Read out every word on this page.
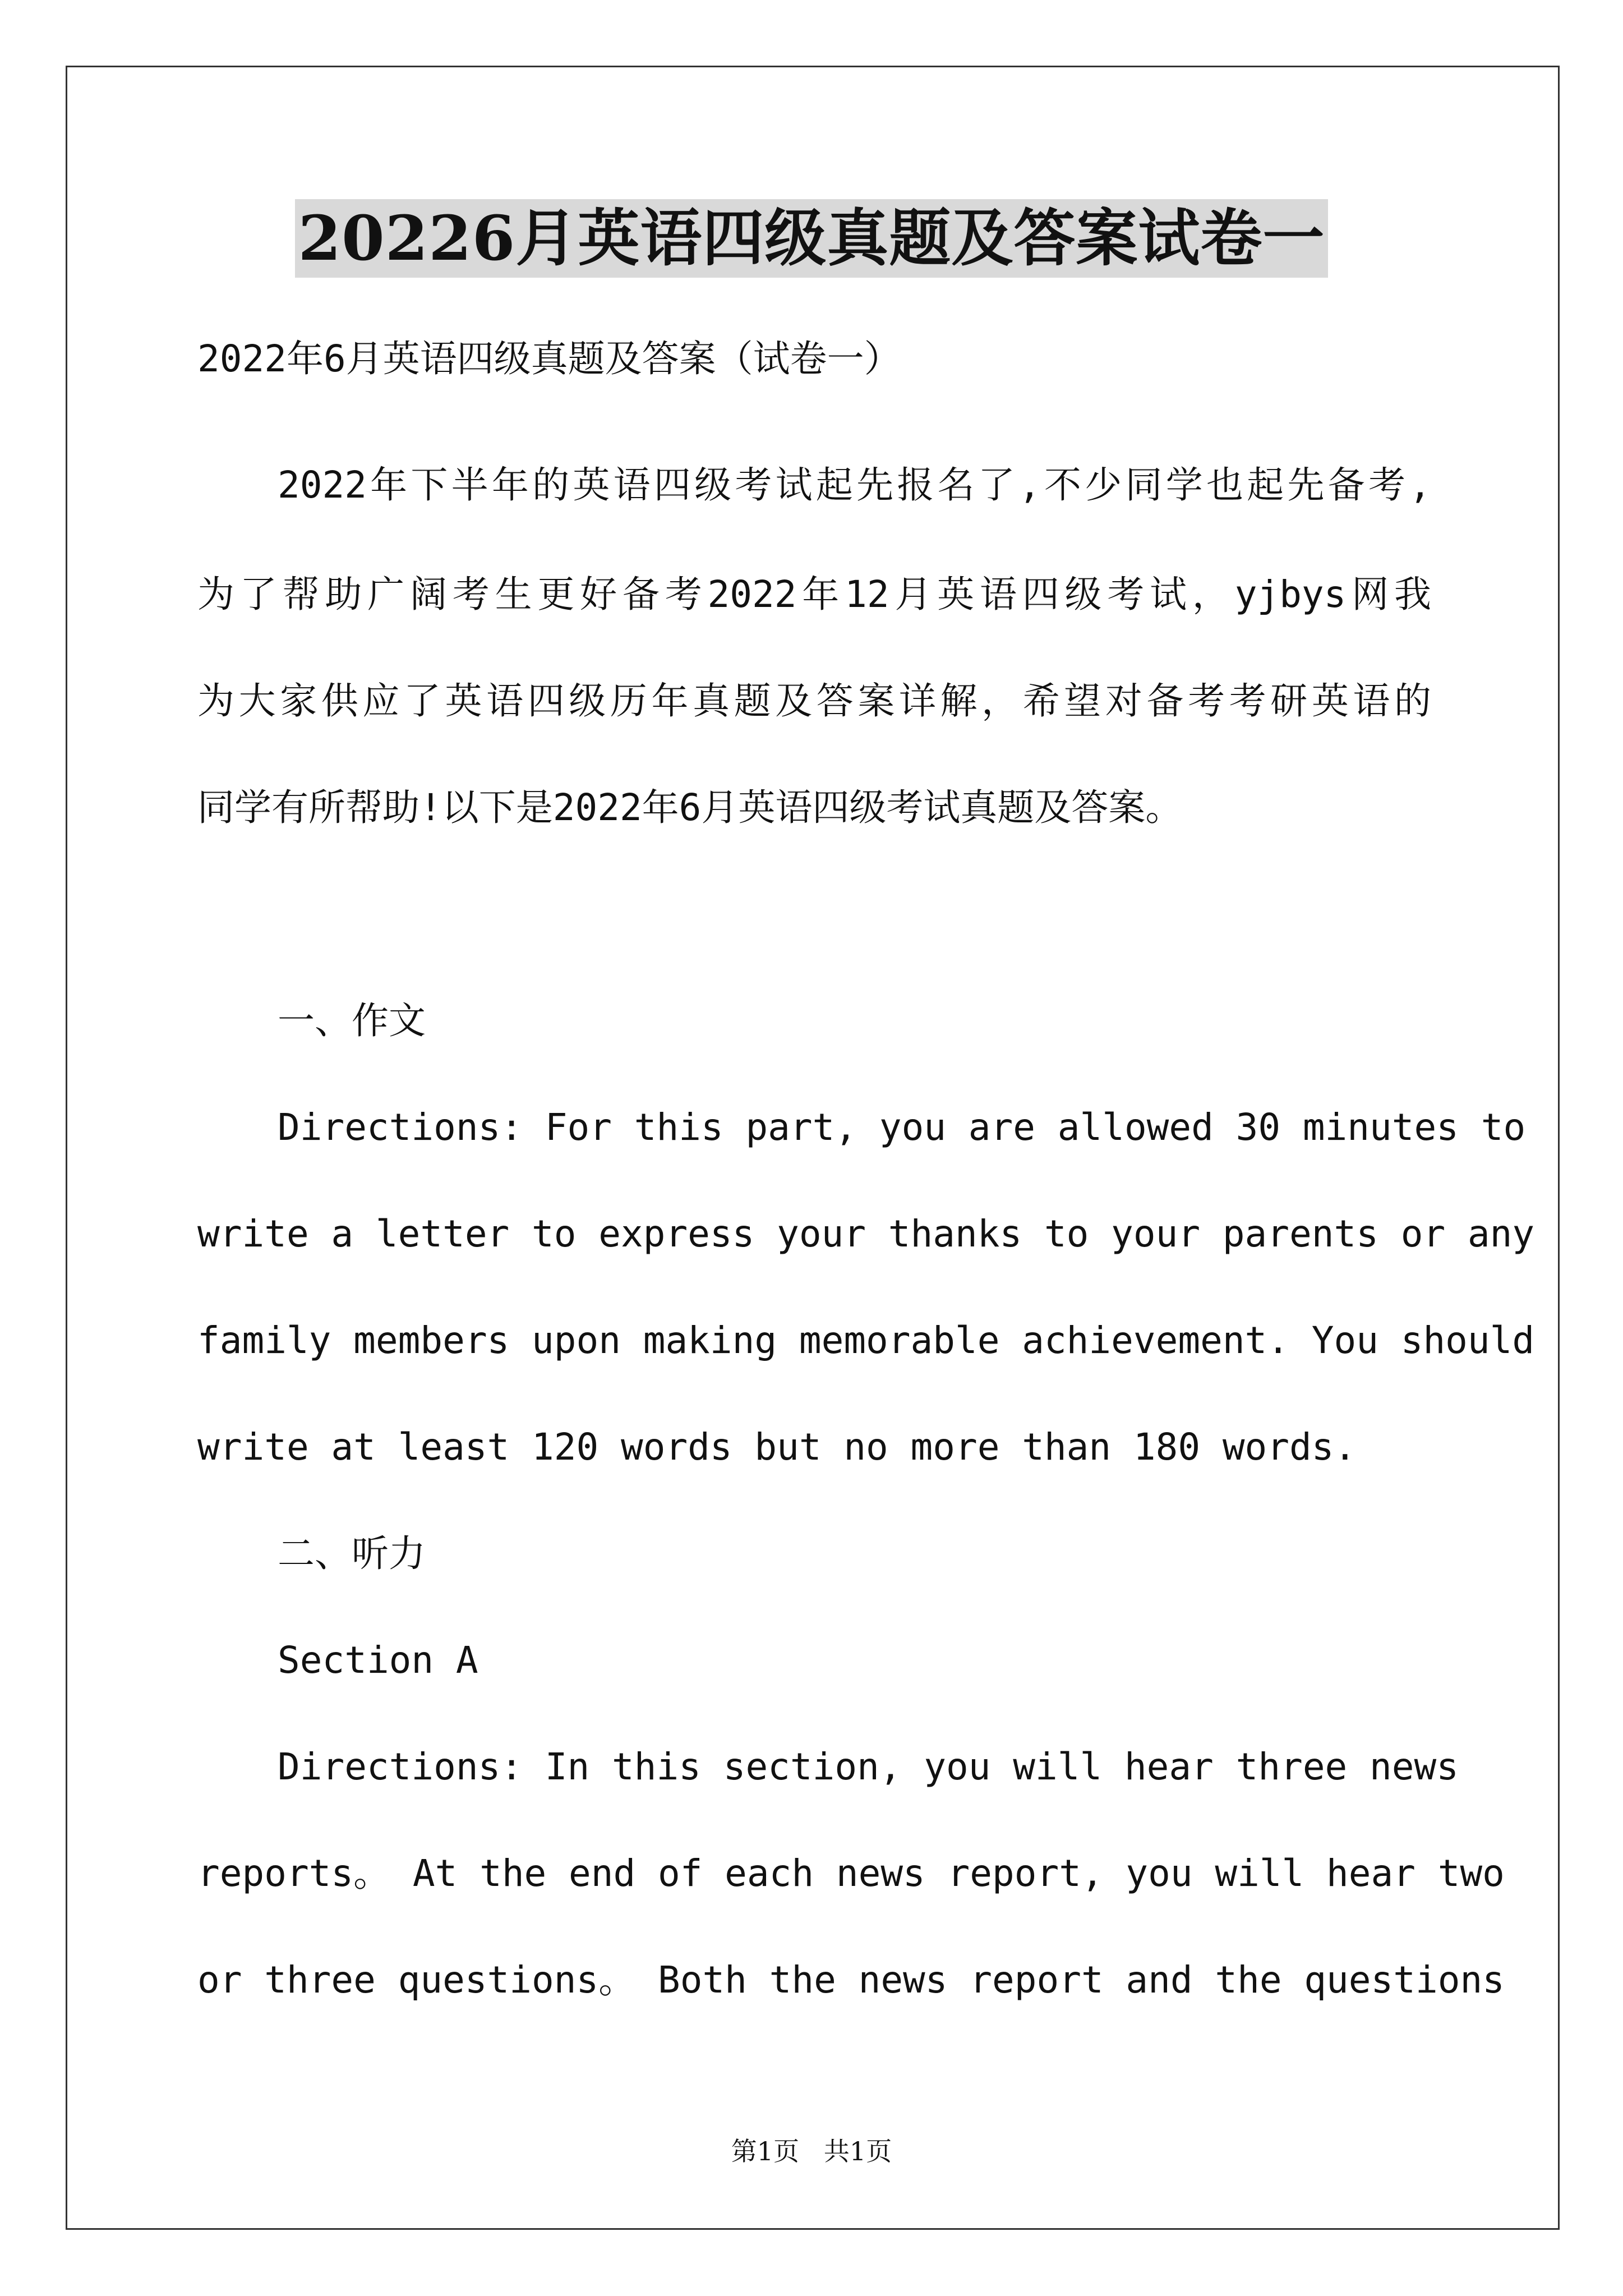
20226月英语四级真题及答案试卷一
2022年6月英语四级真题及答案（试卷一）
2022年下半年的英语四级考试起先报名了,不少同学也起先备考,
为了帮助广阔考生更好备考2022年12月英语四级考试，yjbys网我
为大家供应了英语四级历年真题及答案详解，希望对备考考研英语的
同学有所帮助!以下是2022年6月英语四级考试真题及答案。
一、作文
Directions: For this part, you are allowed 30 minutes to
write a letter to express your thanks to your parents or any
family members upon making memorable achievement. You should
write at least 120 words but no more than 180 words.
二、听力
Section A
Directions: In this section, you will hear three news
reports。 At the end of each news report, you will hear two
or three questions。 Both the news report and the questions
第1页   共1页
